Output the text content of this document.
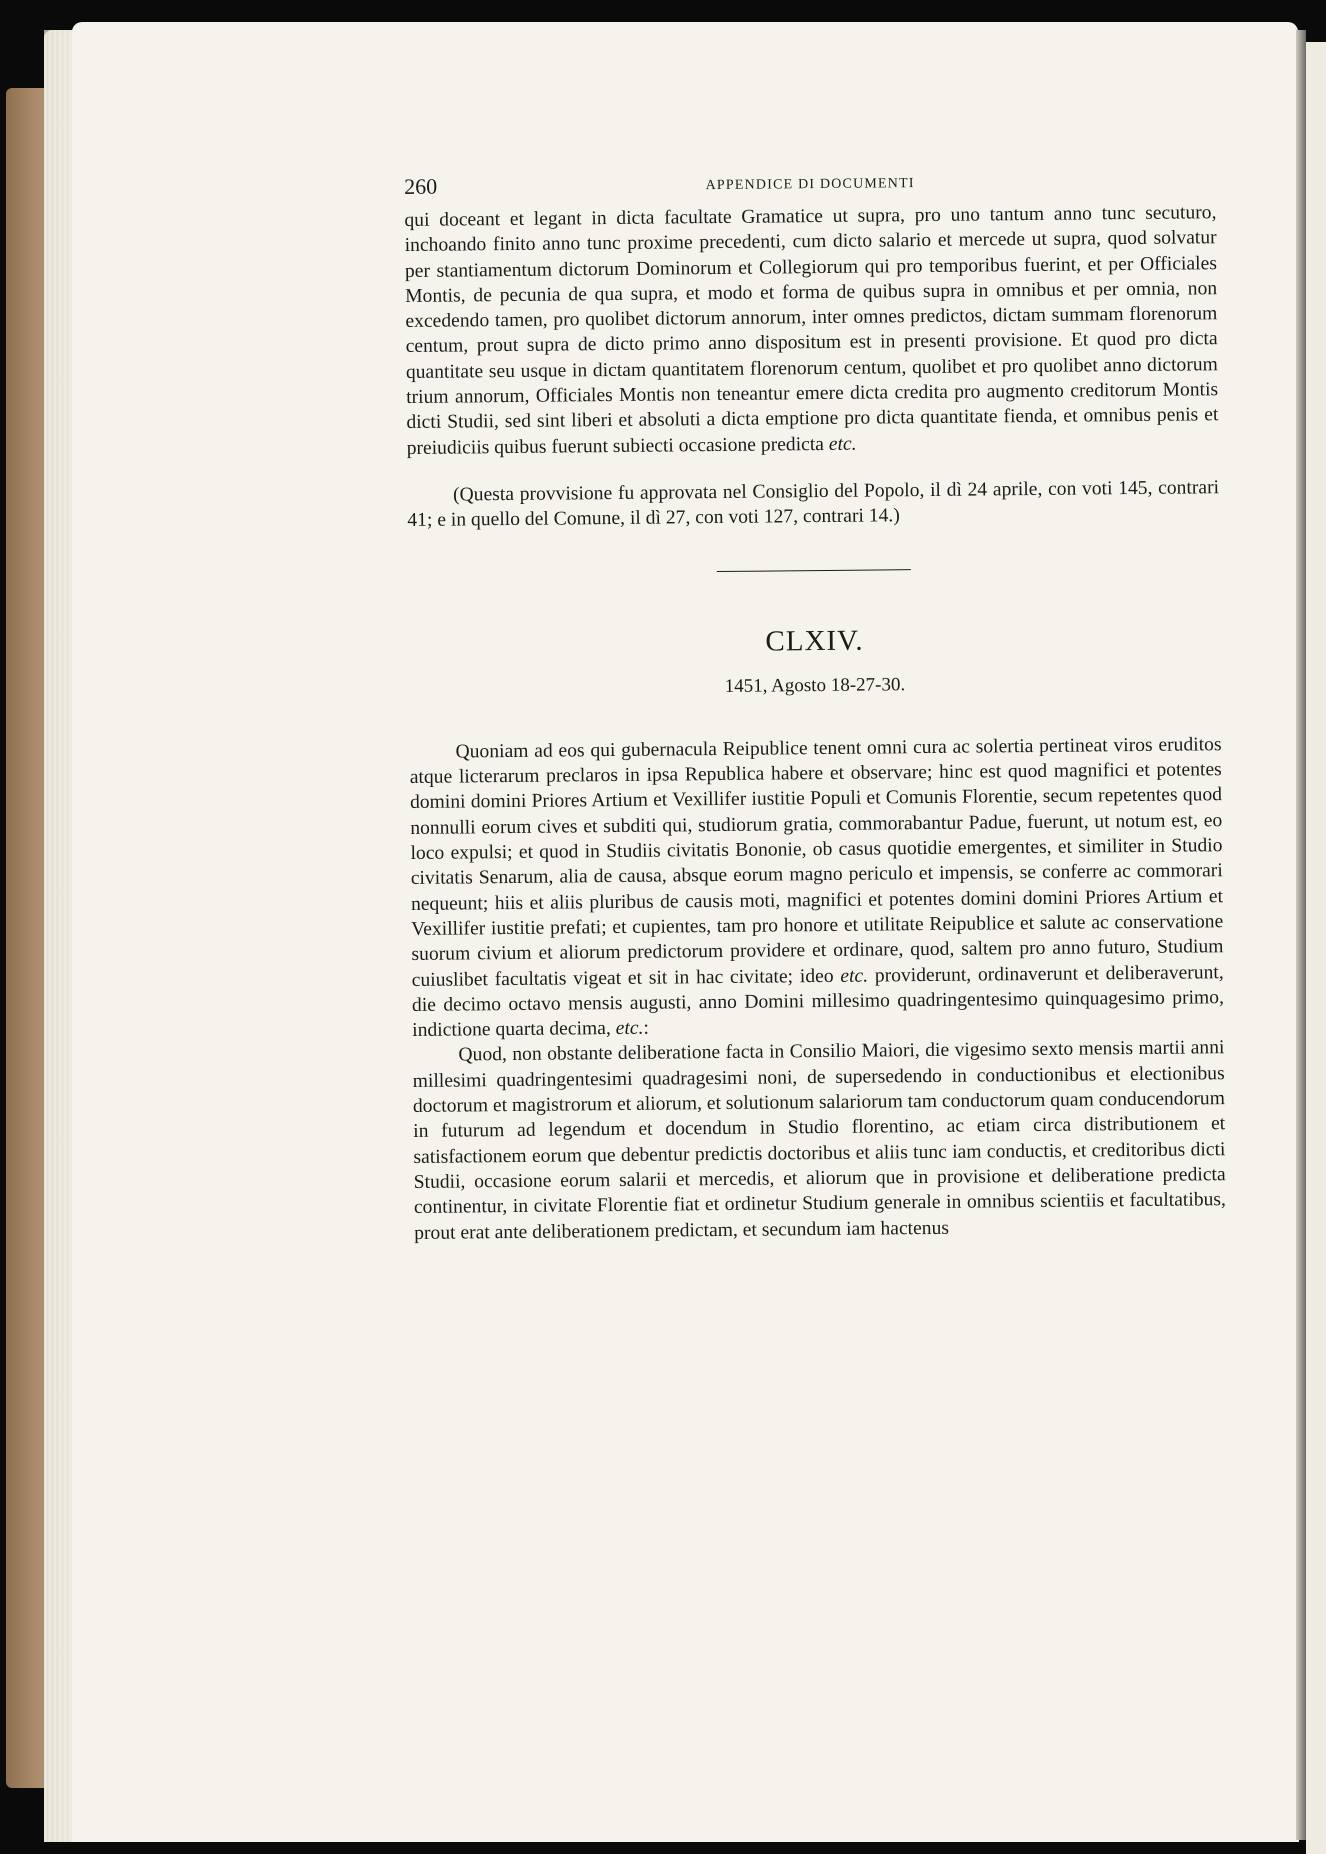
260	APPENDICE DI DOCUMENTI

qui doceant et legant in dicta facultate Gramatice ut supra, pro uno tantum anno tunc secuturo, inchoando finito anno tunc proxime precedenti, cum dicto salario et mercede ut supra, quod solvatur per stantiamentum dictorum Dominorum et Collegiorum qui pro temporibus fuerint, et per Officiales Montis, de pecunia de qua supra, et modo et forma de quibus supra in omnibus et per omnia, non excedendo tamen, pro quolibet dictorum annorum, inter omnes predictos, dictam summam florenorum centum, prout supra de dicto primo anno dispositum est in presenti provisione. Et quod pro dicta quantitate seu usque in dictam quantitatem florenorum centum, quolibet et pro quolibet anno dictorum trium annorum, Officiales Montis non teneantur emere dicta credita pro augmento creditorum Montis dicti Studii, sed sint liberi et absoluti a dicta emptione pro dicta quantitate fienda, et omnibus penis et preiudiciis quibus fuerunt subiecti occasione predicta etc.

(Questa provvisione fu approvata nel Consiglio del Popolo, il dì 24 aprile, con voti 145, contrari 41; e in quello del Comune, il dì 27, con voti 127, contrari 14.)

CLXIV.
1451, Agosto 18-27-30.

Quoniam ad eos qui gubernacula Reipublice tenent omni cura ac solertia pertineat viros eruditos atque licterarum preclaros in ipsa Republica habere et observare; hinc est quod magnifici et potentes domini domini Priores Artium et Vexillifer iustitie Populi et Comunis Florentie, secum repetentes quod nonnulli eorum cives et subditi qui, studiorum gratia, commorabantur Padue, fuerunt, ut notum est, eo loco expulsi; et quod in Studiis civitatis Bononie, ob casus quotidie emergentes, et similiter in Studio civitatis Senarum, alia de causa, absque eorum magno periculo et impensis, se conferre ac commorari nequeunt; hiis et aliis pluribus de causis moti, magnifici et potentes domini domini Priores Artium et Vexillifer iustitie prefati; et cupientes, tam pro honore et utilitate Reipublice et salute ac conservatione suorum civium et aliorum predictorum providere et ordinare, quod, saltem pro anno futuro, Studium cuiuslibet facultatis vigeat et sit in hac civitate; ideo etc. providerunt, ordinaverunt et deliberaverunt, die decimo octavo mensis augusti, anno Domini millesimo quadringentesimo quinquagesimo primo, indictione quarta decima, etc.:

Quod, non obstante deliberatione facta in Consilio Maiori, die vigesimo sexto mensis martii anni millesimi quadringentesimi quadragesimi noni, de supersedendo in conductionibus et electionibus doctorum et magistrorum et aliorum, et solutionum salariorum tam conductorum quam conducendorum in futurum ad legendum et docendum in Studio florentino, ac etiam circa distributionem et satisfactionem eorum que debentur predictis doctoribus et aliis tunc iam conductis, et creditoribus dicti Studii, occasione eorum salarii et mercedis, et aliorum que in provisione et deliberatione predicta continentur, in civitate Florentie fiat et ordinetur Studium generale in omnibus scientiis et facultatibus, prout erat ante deliberationem predictam, et secundum iam hactenus
